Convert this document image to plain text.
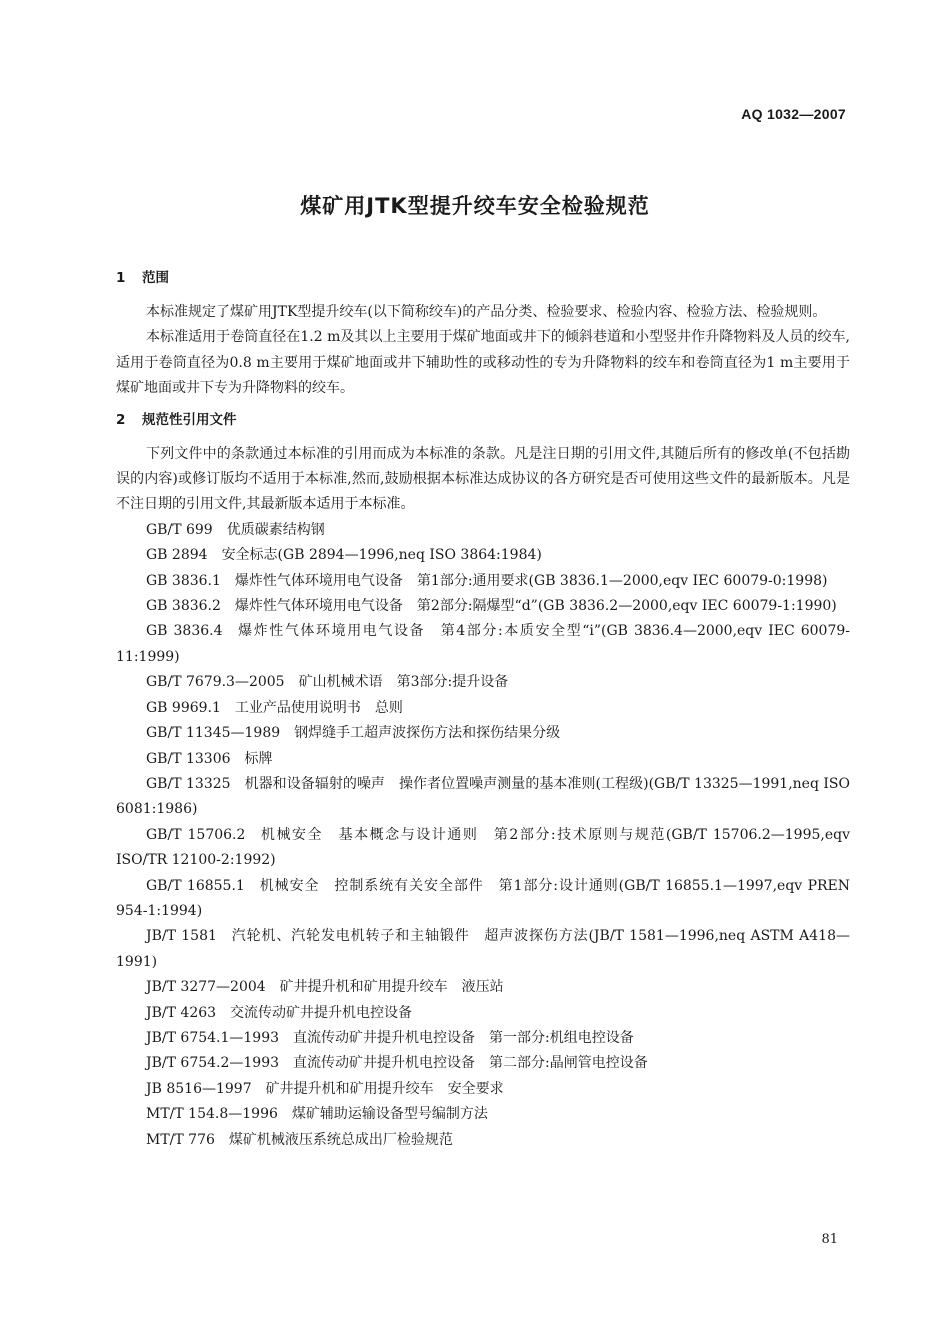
AQ 1032—2007
煤矿用JTK型提升绞车安全检验规范
1 范围

本标准规定了煤矿用JTK型提升绞车(以下简称绞车)的产品分类、检验要求、检验内容、检验方法、检验规则。

本标准适用于卷筒直径在1.2 m及其以上主要用于煤矿地面或井下的倾斜巷道和小型竖井作升降物料及人员的绞车,适用于卷筒直径为0.8 m主要用于煤矿地面或井下辅助性的或移动性的专为升降物料的绞车和卷筒直径为1 m主要用于煤矿地面或井下专为升降物料的绞车。

2 规范性引用文件

下列文件中的条款通过本标准的引用而成为本标准的条款。凡是注日期的引用文件,其随后所有的修改单(不包括勘误的内容)或修订版均不适用于本标准,然而,鼓励根据本标准达成协议的各方研究是否可使用这些文件的最新版本。凡是不注日期的引用文件,其最新版本适用于本标准。

GB/T 699 优质碳素结构钢

GB 2894 安全标志(GB 2894—1996,neq ISO 3864:1984)

GB 3836.1 爆炸性气体环境用电气设备　第1部分:通用要求(GB 3836.1—2000,eqv IEC 60079-0:1998)

GB 3836.2 爆炸性气体环境用电气设备　第2部分:隔爆型“d”(GB 3836.2—2000,eqv IEC 60079-1:1990)

GB 3836.4 爆炸性气体环境用电气设备　第4部分:本质安全型“i”(GB 3836.4—2000,eqv IEC 60079-11:1999)

GB/T 7679.3—2005 矿山机械术语　第3部分:提升设备

GB 9969.1 工业产品使用说明书　总则

GB/T 11345—1989 钢焊缝手工超声波探伤方法和探伤结果分级

GB/T 13306 标牌

GB/T 13325 机器和设备辐射的噪声　操作者位置噪声测量的基本准则(工程级)(GB/T 13325—1991,neq ISO 6081:1986)

GB/T 15706.2 机械安全　基本概念与设计通则　第2部分:技术原则与规范(GB/T 15706.2—1995,eqv ISO/TR 12100-2:1992)

GB/T 16855.1 机械安全　控制系统有关安全部件　第1部分:设计通则(GB/T 16855.1—1997,eqv PREN 954-1:1994)

JB/T 1581 汽轮机、汽轮发电机转子和主轴锻件　超声波探伤方法(JB/T 1581—1996,neq ASTM A418—1991)

JB/T 3277—2004 矿井提升机和矿用提升绞车　液压站

JB/T 4263 交流传动矿井提升机电控设备

JB/T 6754.1—1993 直流传动矿井提升机电控设备　第一部分:机组电控设备

JB/T 6754.2—1993 直流传动矿井提升机电控设备　第二部分:晶闸管电控设备

JB 8516—1997 矿井提升机和矿用提升绞车　安全要求

MT/T 154.8—1996 煤矿辅助运输设备型号编制方法

MT/T 776 煤矿机械液压系统总成出厂检验规范

81
